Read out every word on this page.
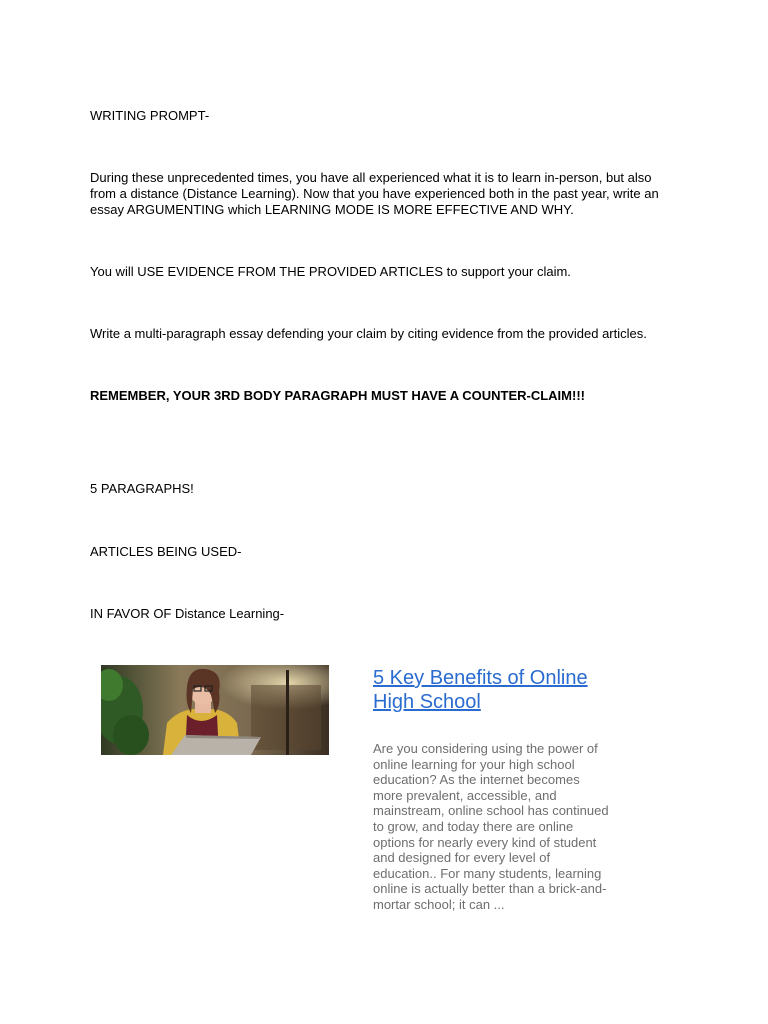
WRITING PROMPT-

During these unprecedented times, you have all experienced what it is to learn in-person, but also from a distance (Distance Learning). Now that you have experienced both in the past year, write an essay ARGUMENTING which LEARNING MODE IS MORE EFFECTIVE AND WHY.

You will USE EVIDENCE FROM THE PROVIDED ARTICLES to support your claim.

Write a multi-paragraph essay defending your claim by citing evidence from the provided articles.

REMEMBER, YOUR 3RD BODY PARAGRAPH MUST HAVE A COUNTER-CLAIM!!!

5 PARAGRAPHS!

ARTICLES BEING USED-

IN FAVOR OF Distance Learning-

5 Key Benefits of Online High School

Are you considering using the power of online learning for your high school education? As the internet becomes more prevalent, accessible, and mainstream, online school has continued to grow, and today there are online options for nearly every kind of student and designed for every level of education.. For many students, learning online is actually better than a brick-and-mortar school; it can ...
